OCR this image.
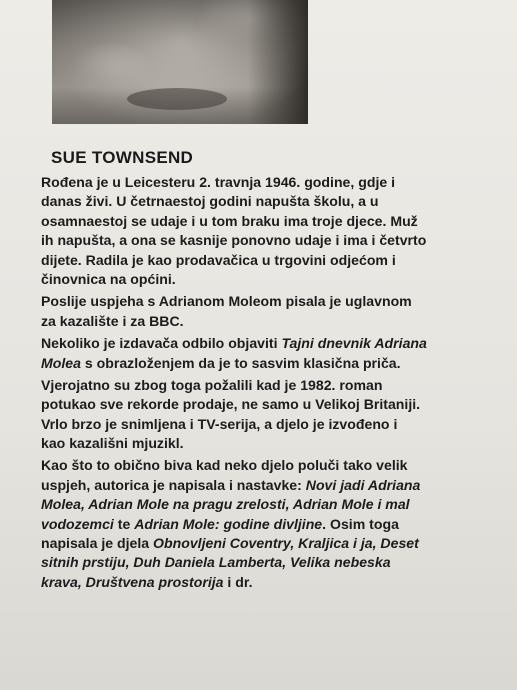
SUE TOWNSEND
Rođena je u Leicesteru 2. travnja 1946. godine, gdje i
danas živi. U četrnaestoj godini napušta školu, a u
osamnaestoj se udaje i u tom braku ima troje djece. Muž
ih napušta, a ona se kasnije ponovno udaje i ima i četvrto
dijete. Radila je kao prodavačica u trgovini odjećom i
činovnica na općini.
Poslije uspjeha s Adrianom Moleom pisala je uglavnom
za kazalište i za BBC.
Nekoliko je izdavača odbilo objaviti Tajni dnevnik Adriana
Molea s obrazloženjem da je to sasvim klasična priča.
Vjerojatno su zbog toga požalili kad je 1982. roman
potukao sve rekorde prodaje, ne samo u Velikoj Britaniji.
Vrlo brzo je snimljena i TV-serija, a djelo je izvođeno i
kao kazališni mjuzikl.
Kao što to obično biva kad neko djelo poluči tako velik
uspjeh, autorica je napisala i nastavke: Novi jadi Adriana
Molea, Adrian Mole na pragu zrelosti, Adrian Mole i mal
vodozemci te Adrian Mole: godine divljine. Osim toga
napisala je djela Obnovljeni Coventry, Kraljica i ja, Deset
sitnih prstiju, Duh Daniela Lamberta, Velika nebeska
krava, Društvena prostorija i dr.
